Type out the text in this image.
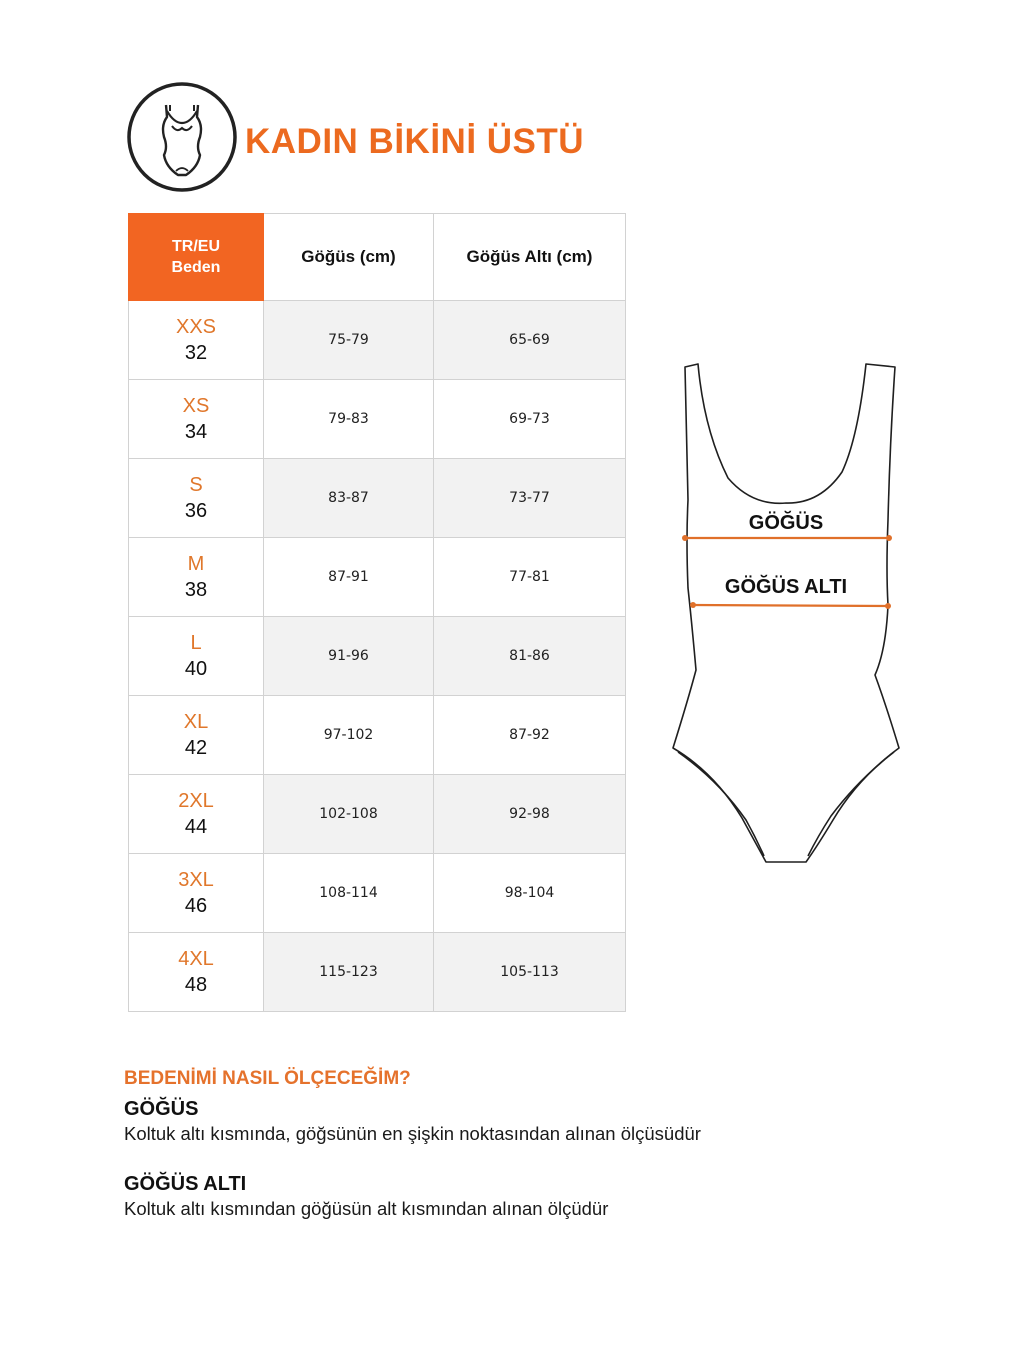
KADIN BİKİNİ ÜSTÜ
TR/EU
Beden	Göğüs (cm)	Göğüs Altı (cm)

XXS
32	75-79	65-69

XS
34	79-83	69-73

S
36	83-87	73-77

M
38	87-91	77-81

L
40	91-96	81-86

XL
42	97-102	87-92

2XL
44	102-108	92-98

3XL
46	108-114	98-104

4XL
48	115-123	105-113
GÖĞÜS
GÖĞÜS ALTI
BEDENİMİ NASIL ÖLÇECEĞİM?
GÖĞÜS

Koltuk altı kısmında, göğsünün en şişkin noktasından alınan ölçüsüdür

GÖĞÜS ALTI

Koltuk altı kısmından göğüsün alt kısmından alınan ölçüdür
